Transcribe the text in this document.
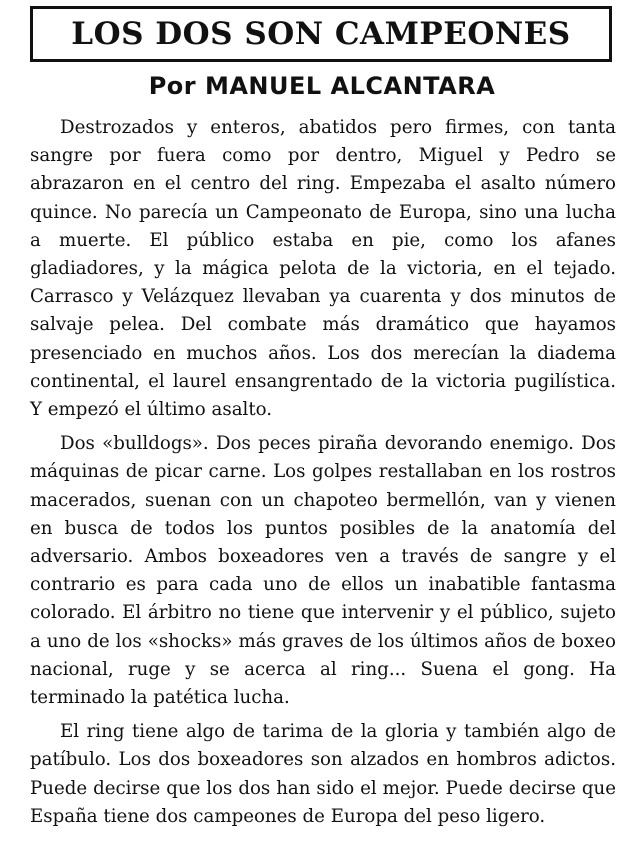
LOS DOS SON CAMPEONES
Por MANUEL ALCANTARA

Destrozados y enteros, abatidos pero firmes, con tanta sangre por fuera como por dentro, Miguel y Pedro se abrazaron en el centro del ring. Empezaba el asalto número quince. No parecía un Campeonato de Europa, sino una lucha a muerte. El público estaba en pie, como los afanes gladiadores, y la mágica pelota de la victoria, en el tejado. Carrasco y Velázquez llevaban ya cuarenta y dos minutos de salvaje pelea. Del combate más dramático que hayamos presenciado en muchos años. Los dos merecían la diadema continental, el laurel ensangrentado de la victoria pugilística. Y empezó el último asalto.

Dos «bulldogs». Dos peces piraña devorando enemigo. Dos máquinas de picar carne. Los golpes restallaban en los rostros macerados, suenan con un chapoteo bermellón, van y vienen en busca de todos los puntos posibles de la anatomía del adversario. Ambos boxeadores ven a través de sangre y el contrario es para cada uno de ellos un inabatible fantasma colorado. El árbitro no tiene que intervenir y el público, sujeto a uno de los «shocks» más graves de los últimos años de boxeo nacional, ruge y se acerca al ring... Suena el gong. Ha terminado la patética lucha.

El ring tiene algo de tarima de la gloria y también algo de patíbulo. Los dos boxeadores son alzados en hombros adictos. Puede decirse que los dos han sido el mejor. Puede decirse que España tiene dos campeones de Europa del peso ligero.
